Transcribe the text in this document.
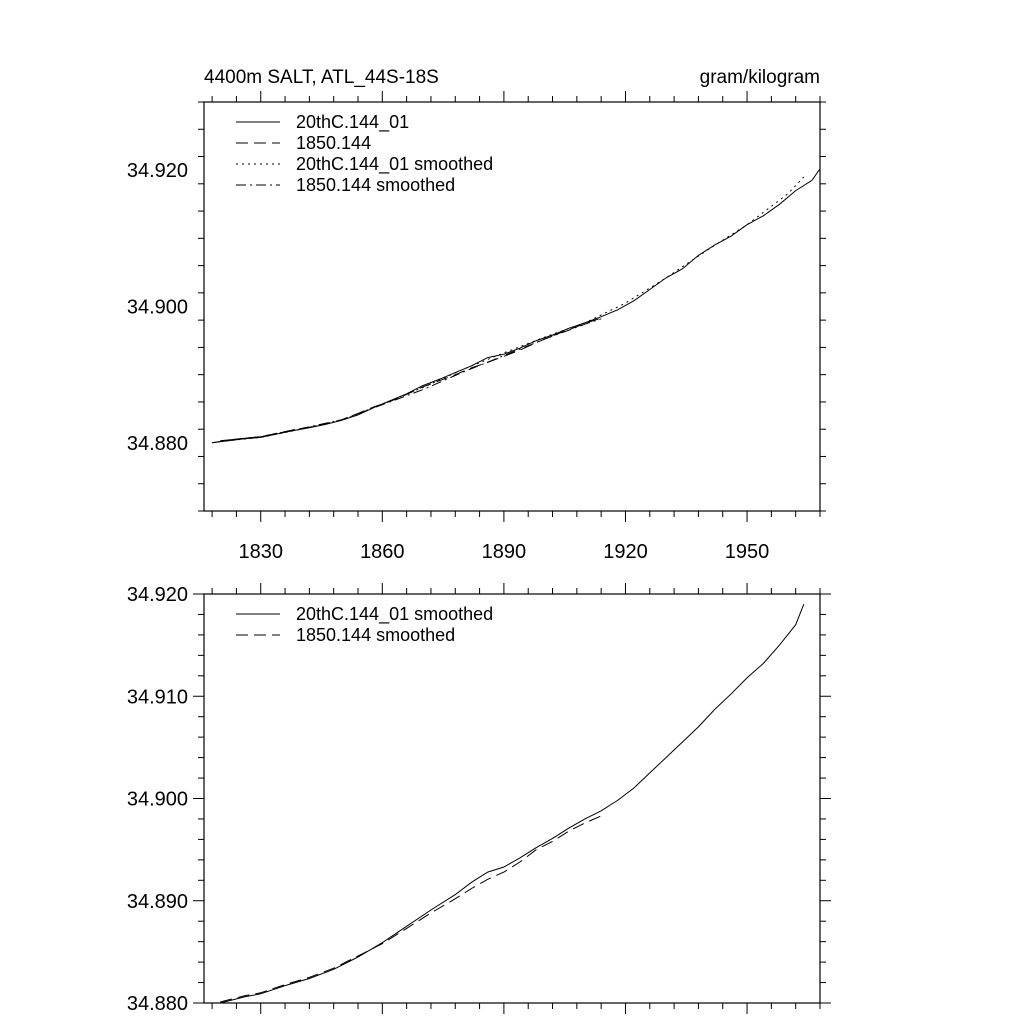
4400m SALT, ATL_44S-18S	gram/kilogram
34.880
34.900
34.920
1830	1860	1890	1920	1950
20thC.144_01
1850.144
20thC.144_01 smoothed
1850.144 smoothed
34.880
34.890
34.900
34.910
34.920
20thC.144_01 smoothed
1850.144 smoothed
